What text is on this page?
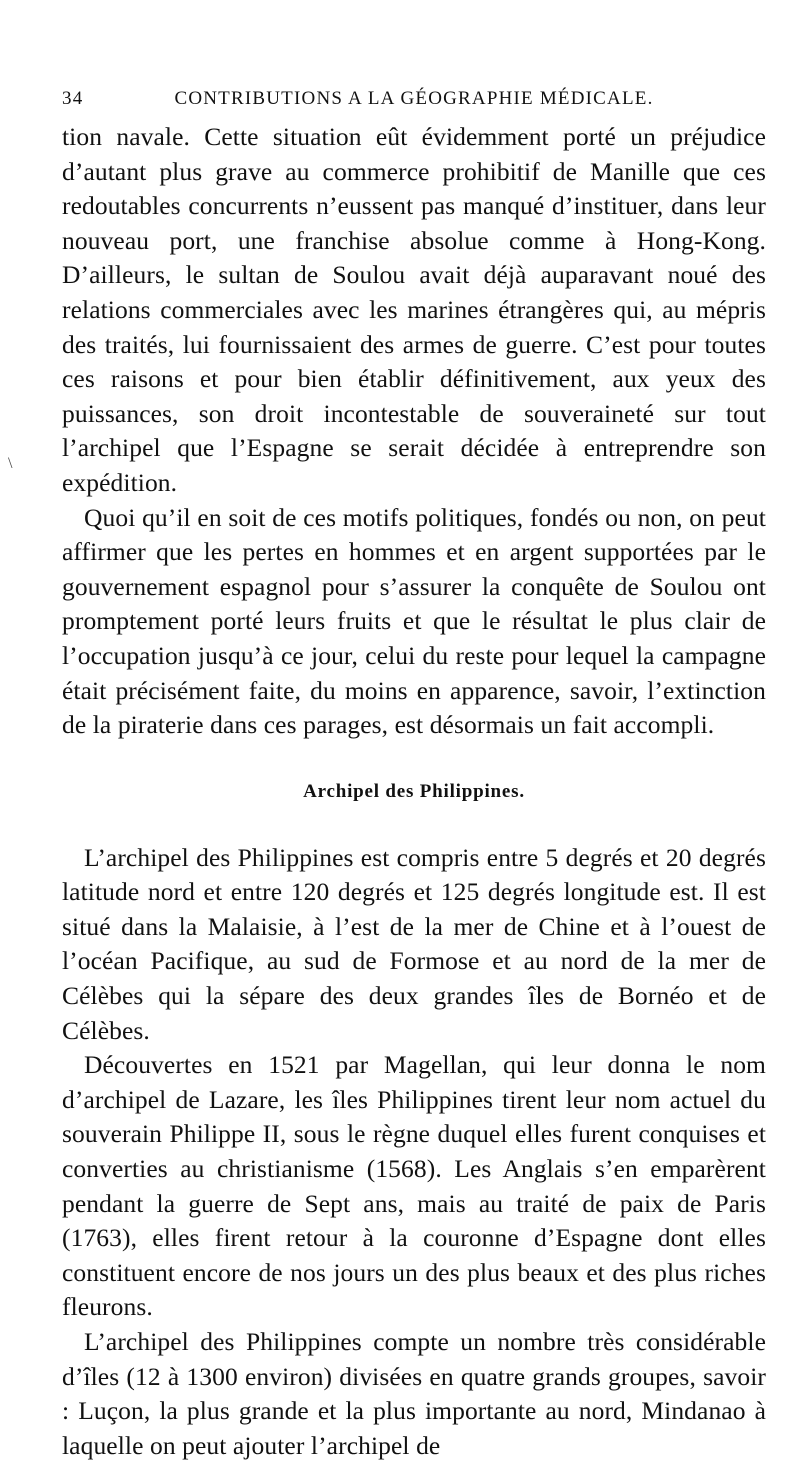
34	CONTRIBUTIONS A LA GÉOGRAPHIE MÉDICALE.

tion navale. Cette situation eût évidemment porté un préjudice d’autant plus grave au commerce prohibitif de Manille que ces redoutables concurrents n’eussent pas manqué d’instituer, dans leur nouveau port, une franchise absolue comme à Hong-Kong. D’ailleurs, le sultan de Soulou avait déjà auparavant noué des relations commerciales avec les marines étrangères qui, au mépris des traités, lui fournissaient des armes de guerre. C’est pour toutes ces raisons et pour bien établir définitivement, aux yeux des puissances, son droit incontestable de souveraineté sur tout l’archipel que l’Espagne se serait décidée à entreprendre son expédition.

Quoi qu’il en soit de ces motifs politiques, fondés ou non, on peut affirmer que les pertes en hommes et en argent supportées par le gouvernement espagnol pour s’assurer la conquête de Soulou ont promptement porté leurs fruits et que le résultat le plus clair de l’occupation jusqu’à ce jour, celui du reste pour lequel la campagne était précisément faite, du moins en apparence, savoir, l’extinction de la piraterie dans ces parages, est désormais un fait accompli.

Archipel des Philippines.

L’archipel des Philippines est compris entre 5 degrés et 20 degrés latitude nord et entre 120 degrés et 125 degrés longitude est. Il est situé dans la Malaisie, à l’est de la mer de Chine et à l’ouest de l’océan Pacifique, au sud de Formose et au nord de la mer de Célèbes qui la sépare des deux grandes îles de Bornéo et de Célèbes.

Découvertes en 1521 par Magellan, qui leur donna le nom d’archipel de Lazare, les îles Philippines tirent leur nom actuel du souverain Philippe II, sous le règne duquel elles furent conquises et converties au christianisme (1568). Les Anglais s’en emparèrent pendant la guerre de Sept ans, mais au traité de paix de Paris (1763), elles firent retour à la couronne d’Espagne dont elles constituent encore de nos jours un des plus beaux et des plus riches fleurons.

L’archipel des Philippines compte un nombre très considérable d’îles (12 à 1300 environ) divisées en quatre grands groupes, savoir : Luçon, la plus grande et la plus importante au nord, Mindanao à laquelle on peut ajouter l’archipel de

\
